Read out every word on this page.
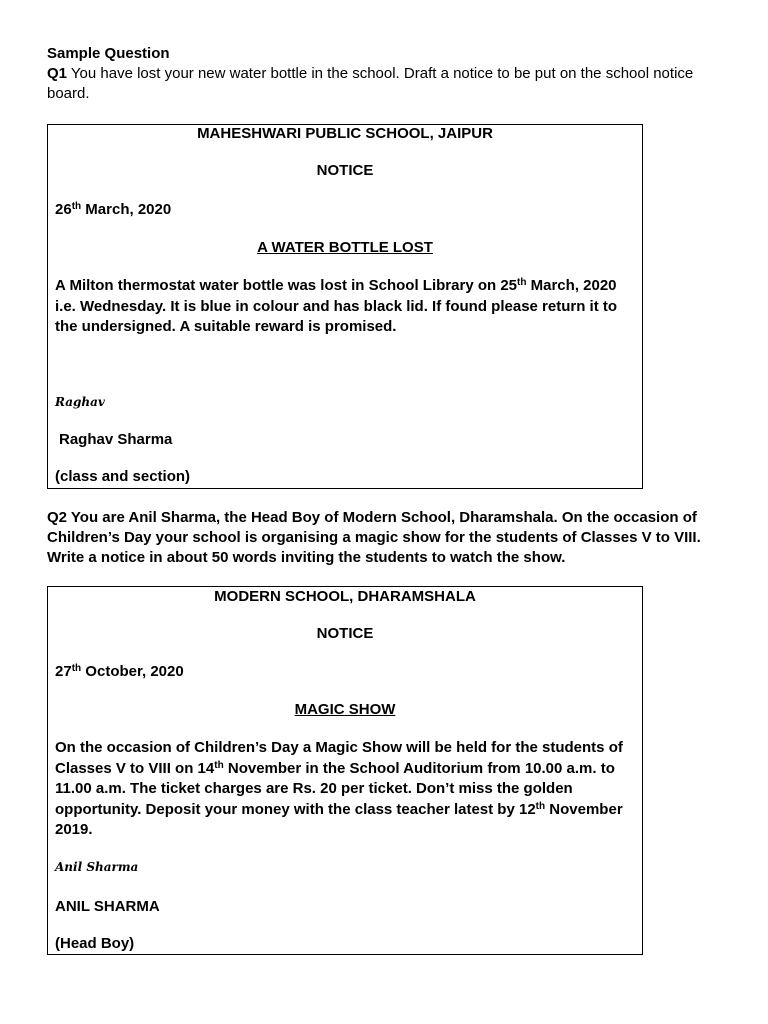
Sample Question
Q1 You have lost your new water bottle in the school. Draft a notice to be put on the school notice board.
MAHESHWARI PUBLIC SCHOOL, JAIPUR
NOTICE
26th March, 2020
A WATER BOTTLE LOST
A Milton thermostat water bottle was lost in School Library on 25th March, 2020 i.e. Wednesday. It is blue in colour and has black lid. If found please return it to the undersigned. A suitable reward is promised.
Raghav
Raghav Sharma
(class and section)
Q2 You are Anil Sharma, the Head Boy of Modern School, Dharamshala. On the occasion of Children’s Day your school is organising a magic show for the students of Classes V to VIII. Write a notice in about 50 words inviting the students to watch the show.
MODERN SCHOOL, DHARAMSHALA
NOTICE
27th October, 2020
MAGIC SHOW
On the occasion of Children’s Day a Magic Show will be held for the students of Classes V to VIII on 14th November in the School Auditorium from 10.00 a.m. to 11.00 a.m. The ticket charges are Rs. 20 per ticket. Don’t miss the golden opportunity. Deposit your money with the class teacher latest by 12th November 2019.
Anil Sharma
ANIL SHARMA
(Head Boy)
